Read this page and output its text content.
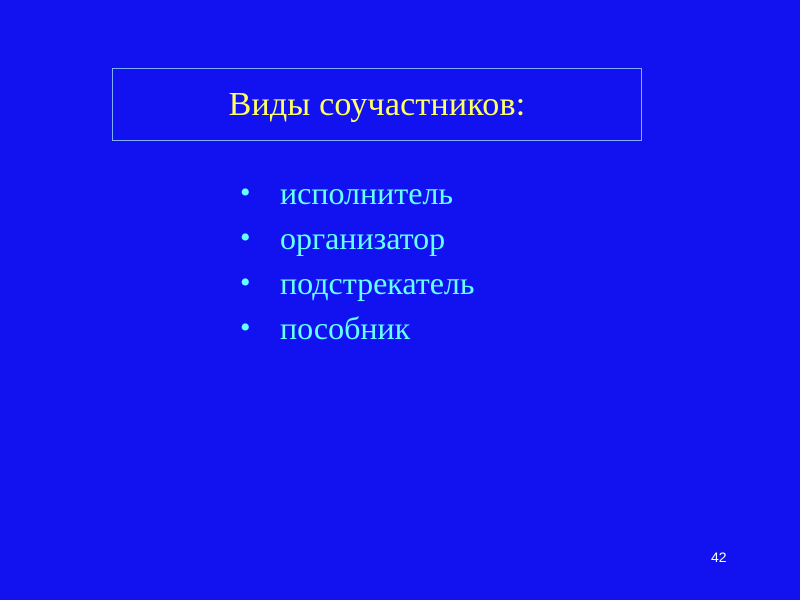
Виды соучастников:
• исполнитель
• организатор
• подстрекатель
• пособник
42
